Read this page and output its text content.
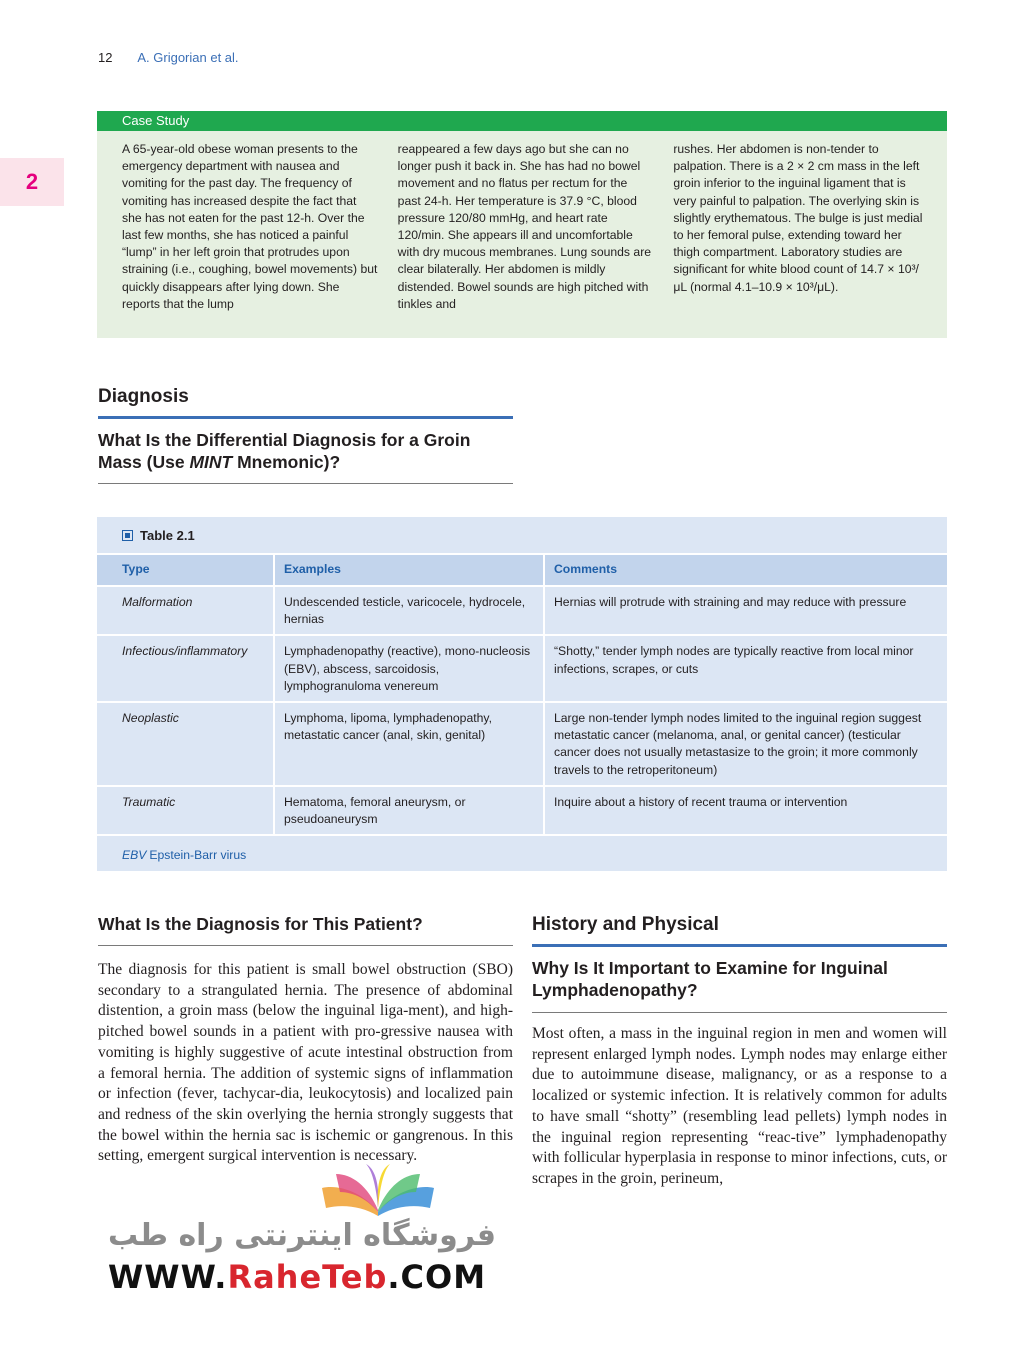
12 A. Grigorian et al.
2
Case Study
A 65-year-old obese woman presents to the emergency department with nausea and vomiting for the past day. The frequency of vomiting has increased despite the fact that she has not eaten for the past 12-h. Over the last few months, she has noticed a painful “lump” in her left groin that protrudes upon straining (i.e., coughing, bowel movements) but quickly disappears after lying down. She reports that the lump
reappeared a few days ago but she can no longer push it back in. She has had no bowel movement and no flatus per rectum for the past 24-h. Her temperature is 37.9 °C, blood pressure 120/80 mmHg, and heart rate 120/min. She appears ill and uncomfortable with dry mucous membranes. Lung sounds are clear bilaterally. Her abdomen is mildly distended. Bowel sounds are high pitched with tinkles and
rushes. Her abdomen is non-tender to palpation. There is a 2 × 2 cm mass in the left groin inferior to the inguinal ligament that is very painful to palpation. The overlying skin is slightly erythematous. The bulge is just medial to her femoral pulse, extending toward her thigh compartment. Laboratory studies are significant for white blood count of 14.7 × 10³/μL (normal 4.1–10.9 × 10³/μL).
Diagnosis
What Is the Differential Diagnosis for a Groin Mass (Use MINT Mnemonic)?
Table 2.1
Type	Examples	Comments
Malformation	Undescended testicle, varicocele, hydrocele, hernias	Hernias will protrude with straining and may reduce with pressure
Infectious/inflammatory	Lymphadenopathy (reactive), mono-nucleosis (EBV), abscess, sarcoidosis, lymphogranuloma venereum	“Shotty,” tender lymph nodes are typically reactive from local minor infections, scrapes, or cuts
Neoplastic	Lymphoma, lipoma, lymphadenopathy, metastatic cancer (anal, skin, genital)	Large non-tender lymph nodes limited to the inguinal region suggest metastatic cancer (melanoma, anal, or genital cancer) (testicular cancer does not usually metastasize to the groin; it more commonly travels to the retroperitoneum)
Traumatic	Hematoma, femoral aneurysm, or pseudoaneurysm	Inquire about a history of recent trauma or intervention
EBV Epstein-Barr virus
What Is the Diagnosis for This Patient?
The diagnosis for this patient is small bowel obstruction (SBO) secondary to a strangulated hernia. The presence of abdominal distention, a groin mass (below the inguinal liga-ment), and high-pitched bowel sounds in a patient with pro-gressive nausea with vomiting is highly suggestive of acute intestinal obstruction from a femoral hernia. The addition of systemic signs of inflammation or infection (fever, tachycar-dia, leukocytosis) and localized pain and redness of the skin overlying the hernia strongly suggests that the bowel within the hernia sac is ischemic or gangrenous. In this setting, emergent surgical intervention is necessary.
History and Physical
Why Is It Important to Examine for Inguinal Lymphadenopathy?
Most often, a mass in the inguinal region in men and women will represent enlarged lymph nodes. Lymph nodes may enlarge either due to autoimmune disease, malignancy, or as a response to a localized or systemic infection. It is relatively common for adults to have small “shotty” (resembling lead pellets) lymph nodes in the inguinal region representing “reac-tive” lymphadenopathy with follicular hyperplasia in response to minor infections, cuts, or scrapes in the groin, perineum,
فروشگاه اینترنتی راه طب
WWW.RaheTeb.COM
